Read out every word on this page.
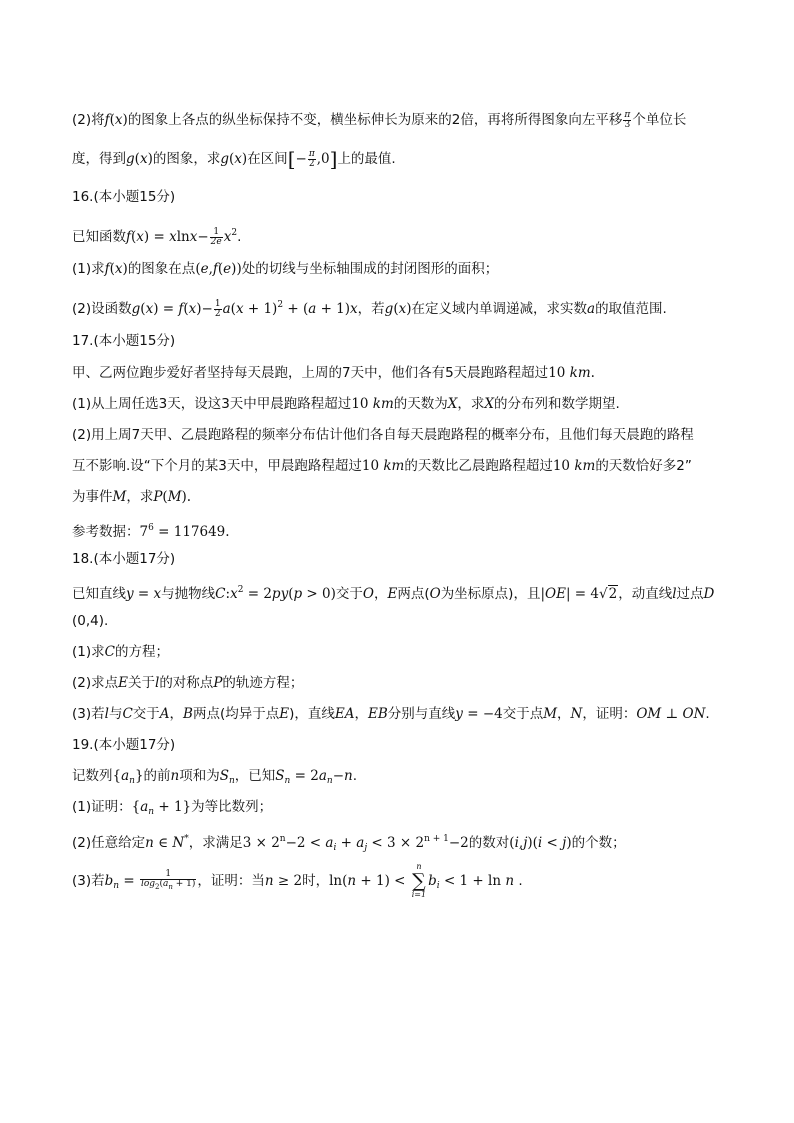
(2)将f(x)的图象上各点的纵坐标保持不变，横坐标伸长为原来的2倍，再将所得图象向左平移 $\frac{\pi}{3}$ 个单位长
度，得到g(x)的图象，求g(x)在区间[− $\frac{\pi}{2} ,0$]上的最值.
16.(本小题15分)
已知函数$f(x) = xlnx- \frac{1}{2e} x^2$.
(1)求f(x)的图象在点(e,f(e))处的切线与坐标轴围成的封闭图形的面积；
(2)设函数$g(x) = f(x)- \frac{1}{2} a(x + 1)^2 + (a + 1)x$，若g(x)在定义域内单调递减，求实数a的取值范围.
17.(本小题15分)
甲、乙两位跑步爱好者坚持每天晨跑，上周的7天中，他们各有5天晨跑路程超过10 km.
(1)从上周任选3天，设这3天中甲晨跑路程超过10 km的天数为X，求X的分布列和数学期望.
(2)用上周7天甲、乙晨跑路程的频率分布估计他们各自每天晨跑路程的概率分布，且他们每天晨跑的路程
互不影响.设“下个月的某3天中，甲晨跑路程超过10 km的天数比乙晨跑路程超过10 km的天数恰好多2”
为事件M，求P(M).
参考数据：$7^6 = 117649$.
18.(本小题17分)
已知直线y = x与抛物线$C:x^2 = 2py(p > 0)$交于O，E两点(O为坐标原点)，且|OE| = 4√2，动直线l过点D
(0,4).
(1)求C的方程；
(2)求点E关于l的对称点P的轨迹方程；
(3)若l与C交于A，B两点(均异于点E)，直线EA，EB分别与直线y = −4交于点M，N，证明：OM ⊥ ON.
19.(本小题17分)
记数列$\{a_n\}$的前n项和为$S_n$，已知$S_n = 2a_n-n$.
(1)证明：$\{a_n + 1\}$为等比数列；
(2)任意给定n ∈ N*，求满足$3 \times 2^n-2 < a_i + a_j < 3 \times 2^{n + 1}-2$的数对(i,j)(i < j)的个数；
(3)若$b_n = \frac{1}{\log_2(a_n + 1)}$ ，证明：当n ≥ 2时，ln(n + 1) <
n
∑
i=1
$b_i < 1 + \ln n$ .
